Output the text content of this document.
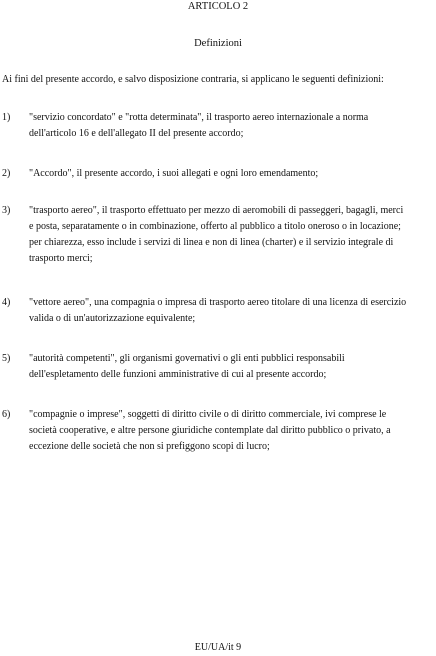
ARTICOLO 2
Definizioni
Ai fini del presente accordo, e salvo disposizione contraria, si applicano le seguenti definizioni:
1)	"servizio concordato" e "rotta determinata", il trasporto aereo internazionale a norma
dell'articolo 16 e dell'allegato II del presente accordo;
2)	"Accordo", il presente accordo, i suoi allegati e ogni loro emendamento;
3)	"trasporto aereo", il trasporto effettuato per mezzo di aeromobili di passeggeri, bagagli, merci
e posta, separatamente o in combinazione, offerto al pubblico a titolo oneroso o in locazione;
per chiarezza, esso include i servizi di linea e non di linea (charter) e il servizio integrale di
trasporto merci;
4)	"vettore aereo", una compagnia o impresa di trasporto aereo titolare di una licenza di esercizio
valida o di un'autorizzazione equivalente;
5)	"autorità competenti", gli organismi governativi o gli enti pubblici responsabili
dell'espletamento delle funzioni amministrative di cui al presente accordo;
6)	"compagnie o imprese", soggetti di diritto civile o di diritto commerciale, ivi comprese le
società cooperative, e altre persone giuridiche contemplate dal diritto pubblico o privato, a
eccezione delle società che non si prefiggono scopi di lucro;
EU/UA/it 9
